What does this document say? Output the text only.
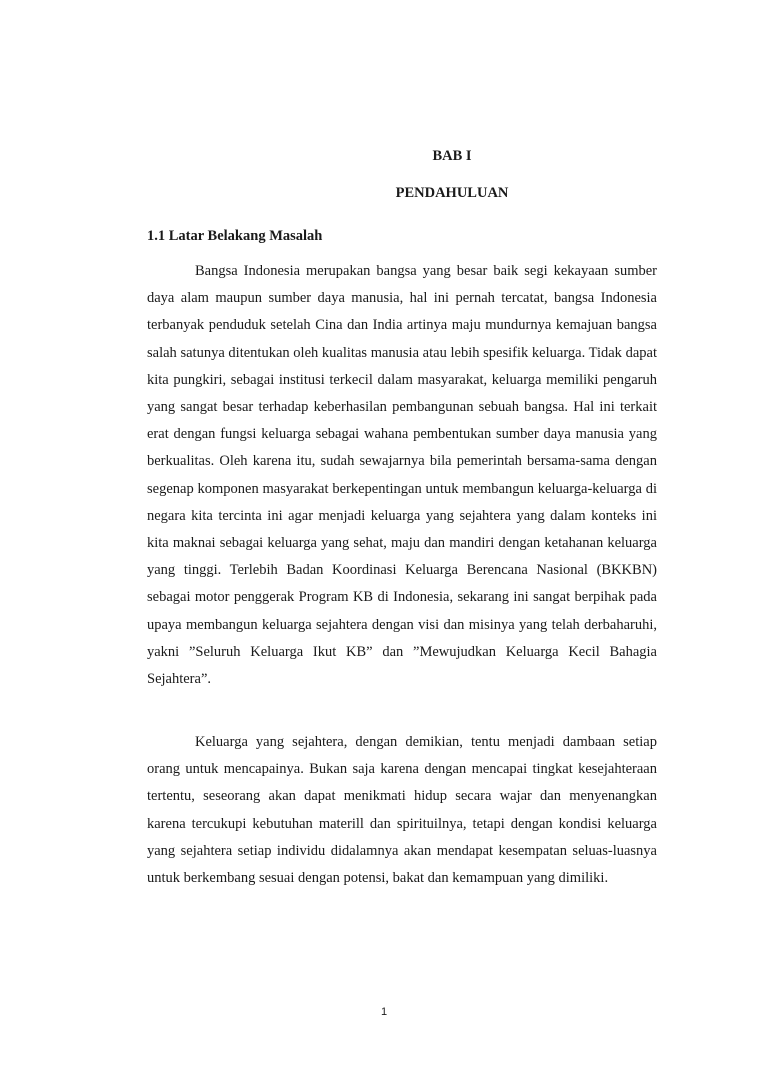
BAB I

PENDAHULUAN

1.1 Latar Belakang Masalah

Bangsa Indonesia merupakan bangsa yang besar baik segi kekayaan sumber daya alam maupun sumber daya manusia, hal ini pernah tercatat, bangsa Indonesia terbanyak penduduk setelah Cina dan India artinya maju mundurnya kemajuan bangsa salah satunya ditentukan oleh kualitas manusia atau lebih spesifik keluarga. Tidak dapat kita pungkiri, sebagai institusi terkecil dalam masyarakat, keluarga memiliki pengaruh yang sangat besar terhadap keberhasilan pembangunan sebuah bangsa. Hal ini terkait erat dengan fungsi keluarga sebagai wahana pembentukan sumber daya manusia yang berkualitas. Oleh karena itu, sudah sewajarnya bila pemerintah bersama-sama dengan segenap komponen masyarakat berkepentingan untuk membangun keluarga-keluarga di negara kita tercinta ini agar menjadi keluarga yang sejahtera yang dalam konteks ini kita maknai sebagai keluarga yang sehat, maju dan mandiri dengan ketahanan keluarga yang tinggi. Terlebih Badan Koordinasi Keluarga Berencana Nasional (BKKBN) sebagai motor penggerak Program KB di Indonesia, sekarang ini sangat berpihak pada upaya membangun keluarga sejahtera dengan visi dan misinya yang telah derbaharuhi, yakni ”Seluruh Keluarga Ikut KB” dan ”Mewujudkan Keluarga Kecil Bahagia Sejahtera”.

Keluarga yang sejahtera, dengan demikian, tentu menjadi dambaan setiap orang untuk mencapainya. Bukan saja karena dengan mencapai tingkat kesejahteraan tertentu, seseorang akan dapat menikmati hidup secara wajar dan menyenangkan karena tercukupi kebutuhan materill dan spirituilnya, tetapi dengan kondisi keluarga yang sejahtera setiap individu didalamnya akan mendapat kesempatan seluas-luasnya untuk berkembang sesuai dengan potensi, bakat dan kemampuan yang dimiliki.

1
